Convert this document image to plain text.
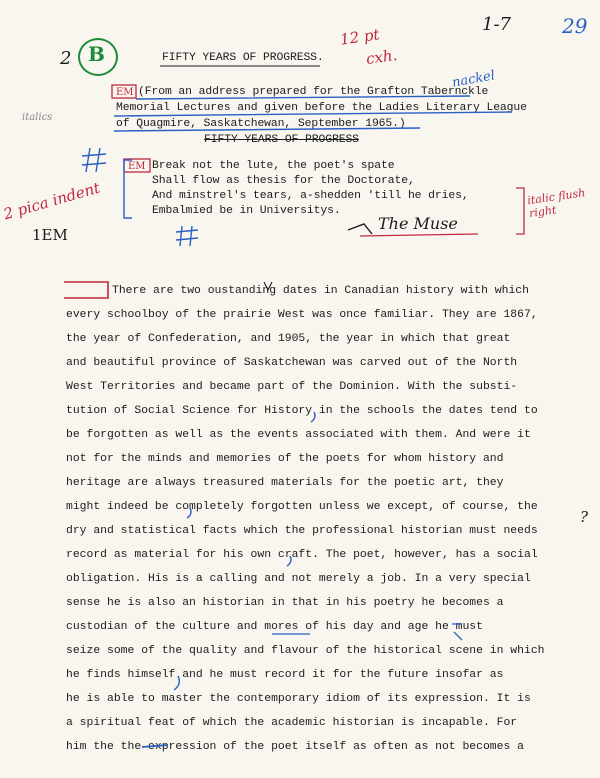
2 B	FIFTY YEARS OF PROGRESS.
12 pt
cxh.
1-7	29
italics
nackel
EM (From an address prepared for the Grafton Tabernckle
Memorial Lectures and given before the Ladies Literary League
of Quagmire, Saskatchewan, September 1965.)
FIFTY YEARS OF PROGRESS
EM Break not the lute, the poet's spate
Shall flow as thesis for the Doctorate,
And minstrel's tears, a-shedden 'till he dries,
Embalmied be in Universitys.
2 pica indent
1EM
The Muse
italic flush right
There are two oustanding dates in Canadian history with which
every schoolboy of the prairie West was once familiar. They are 1867,
the year of Confederation, and 1905, the year in which that great
and beautiful province of Saskatchewan was carved out of the North
West Territories and became part of the Dominion. With the substi-
tution of Social Science for History in the schools the dates tend to
be forgotten as well as the events associated with them. And were it
not for the minds and memories of the poets for whom history and
heritage are always treasured materials for the poetic art, they
might indeed be completely forgotten unless we except, of course, the
dry and statistical facts which the professional historian must needs
record as material for his own craft. The poet, however, has a social
obligation. His is a calling and not merely a job. In a very special
sense he is also an historian in that in his poetry he becomes a
custodian of the culture and mores of his day and age he must
seize some of the quality and flavour of the historical scene in which
he finds himself and he must record it for the future insofar as
he is able to master the contemporary idiom of its expression. It is
a spiritual feat of which the academic historian is incapable. For
him the the expression of the poet itself as often as not becomes a
?
